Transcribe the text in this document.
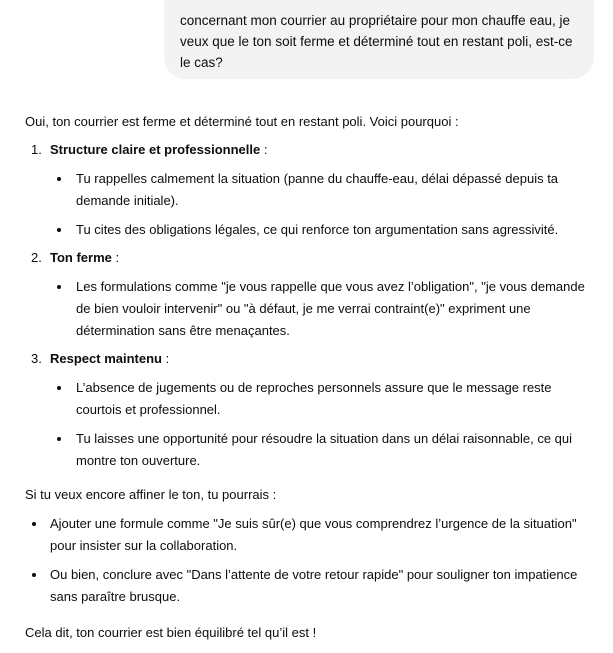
concernant mon courrier au propriétaire pour mon chauffe eau, je veux que le ton soit ferme et déterminé tout en restant poli, est-ce le cas?

Oui, ton courrier est ferme et déterminé tout en restant poli. Voici pourquoi :

1. Structure claire et professionnelle :
Tu rappelles calmement la situation (panne du chauffe-eau, délai dépassé depuis ta demande initiale).
Tu cites des obligations légales, ce qui renforce ton argumentation sans agressivité.
2. Ton ferme :
Les formulations comme "je vous rappelle que vous avez l’obligation", "je vous demande de bien vouloir intervenir" ou "à défaut, je me verrai contraint(e)" expriment une détermination sans être menaçantes.
3. Respect maintenu :
L’absence de jugements ou de reproches personnels assure que le message reste courtois et professionnel.
Tu laisses une opportunité pour résoudre la situation dans un délai raisonnable, ce qui montre ton ouverture.

Si tu veux encore affiner le ton, tu pourrais :

Ajouter une formule comme "Je suis sûr(e) que vous comprendrez l’urgence de la situation" pour insister sur la collaboration.
Ou bien, conclure avec "Dans l’attente de votre retour rapide" pour souligner ton impatience sans paraître brusque.

Cela dit, ton courrier est bien équilibré tel qu’il est !
